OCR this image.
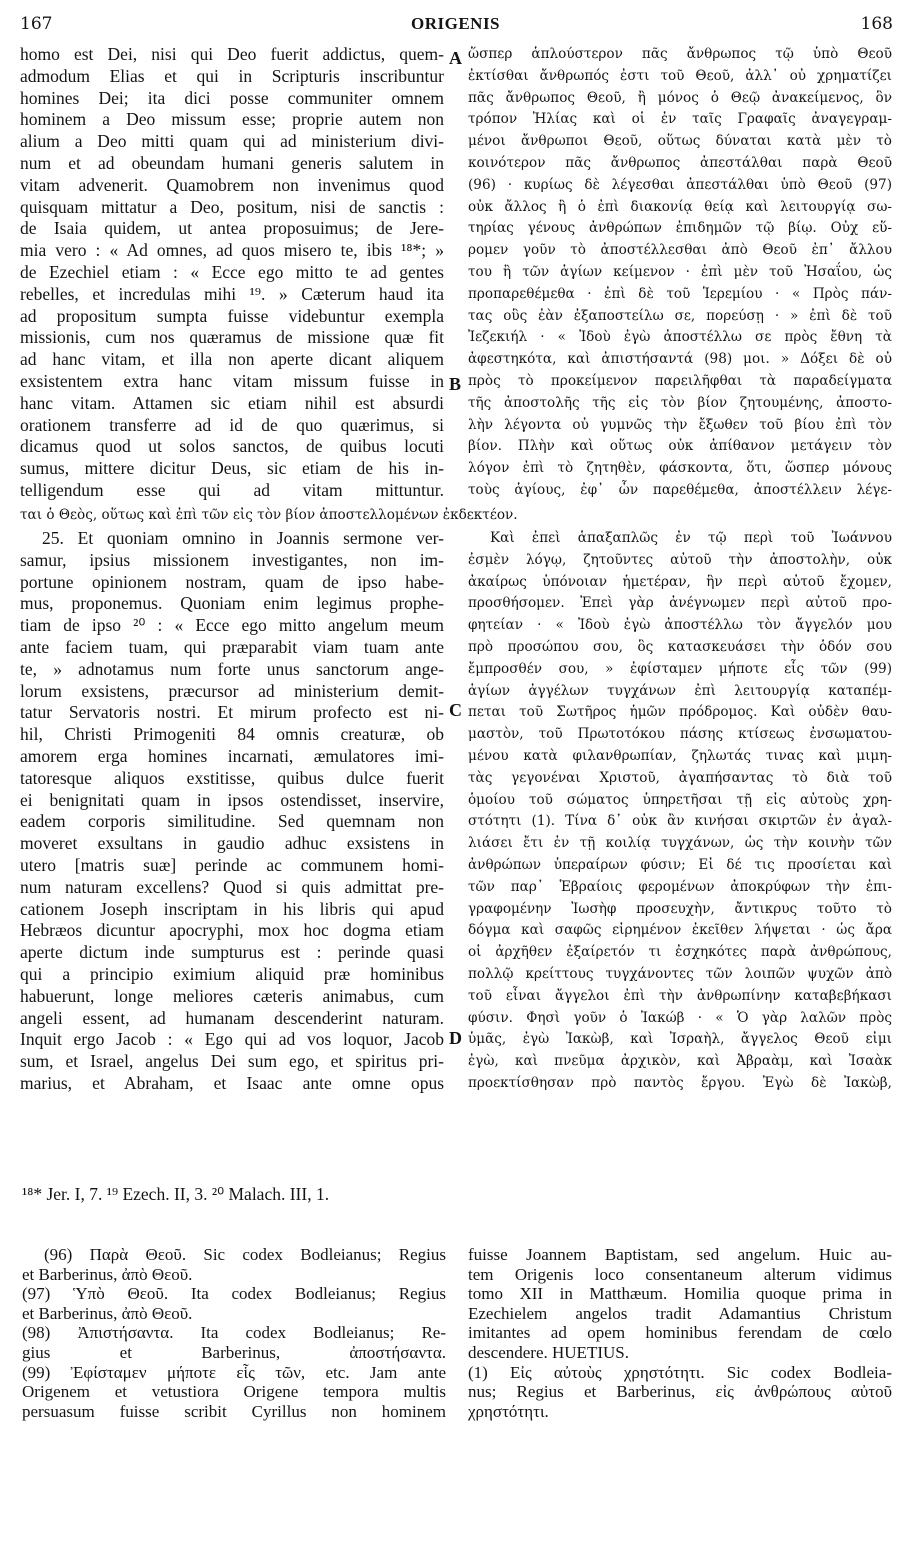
167	ORIGENIS	168
homo est Dei, nisi qui Deo fuerit addictus, quem-
admodum Elias et qui in Scripturis inscribuntur
homines Dei; ita dici posse communiter omnem
hominem a Deo missum esse; proprie autem non
alium a Deo mitti quam qui ad ministerium divi-
num et ad obeundam humani generis salutem in
vitam advenerit. Quamobrem non invenimus quod
quisquam mittatur a Deo, positum, nisi de sanctis :
de Isaia quidem, ut antea proposuimus; de Jere-
mia vero : « Ad omnes, ad quos misero te, ibis ¹⁸*; »
de Ezechiel etiam : « Ecce ego mitto te ad gentes
rebelles, et incredulas mihi ¹⁹. » Cæterum haud ita
ad propositum sumpta fuisse videbuntur exempla
missionis, cum nos quæramus de missione quæ fit
ad hanc vitam, et illa non aperte dicant aliquem
exsistentem extra hanc vitam missum fuisse in
hanc vitam. Attamen sic etiam nihil est absurdi
orationem transferre ad id de quo quærimus, si
dicamus quod ut solos sanctos, de quibus locuti
sumus, mittere dicitur Deus, sic etiam de his in-
telligendum esse qui ad vitam mittuntur.
ὥσπερ ἁπλούστερον πᾶς ἄνθρωπος τῷ ὑπὸ Θεοῦ
ἐκτίσθαι ἄνθρωπός ἐστι τοῦ Θεοῦ, ἀλλ᾽ οὐ χρηματίζει
πᾶς ἄνθρωπος Θεοῦ, ἢ μόνος ὁ Θεῷ ἀνακείμενος, ὃν
τρόπον Ἠλίας καὶ οἱ ἐν ταῖς Γραφαῖς ἀναγεγραμ-
μένοι ἄνθρωποι Θεοῦ, οὕτως δύναται κατὰ μὲν τὸ
κοινότερον πᾶς ἄνθρωπος ἀπεστάλθαι παρὰ Θεοῦ
(96) · κυρίως δὲ λέγεσθαι ἀπεστάλθαι ὑπὸ Θεοῦ (97)
οὐκ ἄλλος ἢ ὁ ἐπὶ διακονίᾳ θείᾳ καὶ λειτουργίᾳ σω-
τηρίας γένους ἀνθρώπων ἐπιδημῶν τῷ βίῳ. Οὐχ εὕ-
ρομεν γοῦν τὸ ἀποστέλλεσθαι ἀπὸ Θεοῦ ἐπ᾽ ἄλλου
του ἢ τῶν ἁγίων κείμενον · ἐπὶ μὲν τοῦ Ἠσαΐου, ὡς
προπαρεθέμεθα · ἐπὶ δὲ τοῦ Ἱερεμίου · « Πρὸς πάν-
τας οὓς ἐὰν ἐξαποστείλω σε, πορεύσῃ · » ἐπὶ δὲ τοῦ
Ἰεζεκιήλ · « Ἰδοὺ ἐγὼ ἀποστέλλω σε πρὸς ἔθνη τὰ
ἀφεστηκότα, καὶ ἀπιστήσαντά (98) μοι. » Δόξει δὲ οὐ
πρὸς τὸ προκείμενον παρειλῆφθαι τὰ παραδείγματα
τῆς ἀποστολῆς τῆς εἰς τὸν βίον ζητουμένης, ἀποστο-
λὴν λέγοντα οὐ γυμνῶς τὴν ἔξωθεν τοῦ βίου ἐπὶ τὸν
βίον. Πλὴν καὶ οὕτως οὐκ ἀπίθανον μετάγειν τὸν
λόγον ἐπὶ τὸ ζητηθὲν, φάσκοντα, ὅτι, ὥσπερ μόνους
τοὺς ἁγίους, ἐφ᾽ ὧν παρεθέμεθα, ἀποστέλλειν λέγε-
ται ὁ Θεὸς, οὕτως καὶ ἐπὶ τῶν εἰς τὸν βίον ἀποστελλομένων ἐκδεκτέον.
25. Et quoniam omnino in Joannis sermone ver-
samur, ipsius missionem investigantes, non im-
portune opinionem nostram, quam de ipso habe-
mus, proponemus. Quoniam enim legimus prophe-
tiam de ipso ²⁰ : « Ecce ego mitto angelum meum
ante faciem tuam, qui præparabit viam tuam ante
te, » adnotamus num forte unus sanctorum ange-
lorum exsistens, præcursor ad ministerium demit-
tatur Servatoris nostri. Et mirum profecto est ni-
hil, Christi Primogeniti 84 omnis creaturæ, ob
amorem erga homines incarnati, æmulatores imi-
tatoresque aliquos exstitisse, quibus dulce fuerit
ei benignitati quam in ipsos ostendisset, inservire,
eadem corporis similitudine. Sed quemnam non
moveret exsultans in gaudio adhuc exsistens in
utero [matris suæ] perinde ac communem homi-
num naturam excellens? Quod si quis admittat pre-
cationem Joseph inscriptam in his libris qui apud
Hebræos dicuntur apocryphi, mox hoc dogma etiam
aperte dictum inde sumpturus est : perinde quasi
qui a principio eximium aliquid præ hominibus
habuerunt, longe meliores cæteris animabus, cum
angeli essent, ad humanam descenderint naturam.
Inquit ergo Jacob : « Ego qui ad vos loquor, Jacob
sum, et Israel, angelus Dei sum ego, et spiritus pri-
marius, et Abraham, et Isaac ante omne opus
Καὶ ἐπεὶ ἁπαξαπλῶς ἐν τῷ περὶ τοῦ Ἰωάννου
ἐσμὲν λόγῳ, ζητοῦντες αὐτοῦ τὴν ἀποστολὴν, οὐκ
ἀκαίρως ὑπόνοιαν ἡμετέραν, ἣν περὶ αὐτοῦ ἔχομεν,
προσθήσομεν. Ἐπεὶ γὰρ ἀνέγνωμεν περὶ αὐτοῦ προ-
φητείαν · « Ἰδοὺ ἐγὼ ἀποστέλλω τὸν ἄγγελόν μου
πρὸ προσώπου σου, ὃς κατασκευάσει τὴν ὁδόν σου
ἔμπροσθέν σου, » ἐφίσταμεν μήποτε εἷς τῶν (99)
ἁγίων ἀγγέλων τυγχάνων ἐπὶ λειτουργίᾳ καταπέμ-
πεται τοῦ Σωτῆρος ἡμῶν πρόδρομος. Καὶ οὐδὲν θαυ-
μαστὸν, τοῦ Πρωτοτόκου πάσης κτίσεως ἐνσωματου-
μένου κατὰ φιλανθρωπίαν, ζηλωτάς τινας καὶ μιμη-
τὰς γεγονέναι Χριστοῦ, ἀγαπήσαντας τὸ διὰ τοῦ
ὁμοίου τοῦ σώματος ὑπηρετῆσαι τῇ εἰς αὐτοὺς χρη-
στότητι (1). Τίνα δ᾽ οὐκ ἂν κινήσαι σκιρτῶν ἐν ἀγαλ-
λιάσει ἔτι ἐν τῇ κοιλίᾳ τυγχάνων, ὡς τὴν κοινὴν τῶν
ἀνθρώπων ὑπεραίρων φύσιν; Εἰ δέ τις προσίεται καὶ
τῶν παρ᾽ Ἑβραίοις φερομένων ἀποκρύφων τὴν ἐπι-
γραφομένην Ἰωσὴφ προσευχὴν, ἄντικρυς τοῦτο τὸ
δόγμα καὶ σαφῶς εἰρημένον ἐκεῖθεν λήψεται · ὡς ἄρα
οἱ ἀρχῆθεν ἐξαίρετόν τι ἐσχηκότες παρὰ ἀνθρώπους,
πολλῷ κρείττους τυγχάνοντες τῶν λοιπῶν ψυχῶν ἀπὸ
τοῦ εἶναι ἄγγελοι ἐπὶ τὴν ἀνθρωπίνην καταβεβήκασι
φύσιν. Φησὶ γοῦν ὁ Ἰακώβ · « Ὁ γὰρ λαλῶν πρὸς
ὑμᾶς, ἐγὼ Ἰακὼβ, καὶ Ἰσραὴλ, ἄγγελος Θεοῦ εἰμι
ἐγὼ, καὶ πνεῦμα ἀρχικὸν, καὶ Ἀβραὰμ, καὶ Ἰσαὰκ
προεκτίσθησαν πρὸ παντὸς ἔργου. Ἐγὼ δὲ Ἰακὼβ,
A
B
C
D
¹⁸* Jer. I, 7. ¹⁹ Ezech. II, 3. ²⁰ Malach. III, 1.
(96) Παρὰ Θεοῦ. Sic codex Bodleianus; Regius
et Barberinus, ἀπὸ Θεοῦ.
(97) Ὑπὸ Θεοῦ. Ita codex Bodleianus; Regius
et Barberinus, ἀπὸ Θεοῦ.
(98) Ἀπιστήσαντα. Ita codex Bodleianus; Re-
gius et Barberinus, ἀποστήσαντα.
(99) Ἐφίσταμεν μήποτε εἷς τῶν, etc. Jam ante
Origenem et vetustiora Origene tempora multis
persuasum fuisse scribit Cyrillus non hominem
fuisse Joannem Baptistam, sed angelum. Huic au-
tem Origenis loco consentaneum alterum vidimus
tomo XII in Matthæum. Homilia quoque prima in
Ezechielem angelos tradit Adamantius Christum
imitantes ad opem hominibus ferendam de cœlo
descendere. HUETIUS.
(1) Εἰς αὐτοὺς χρηστότητι. Sic codex Bodleia-
nus; Regius et Barberinus, εἰς ἀνθρώπους αὐτοῦ
χρηστότητι.
